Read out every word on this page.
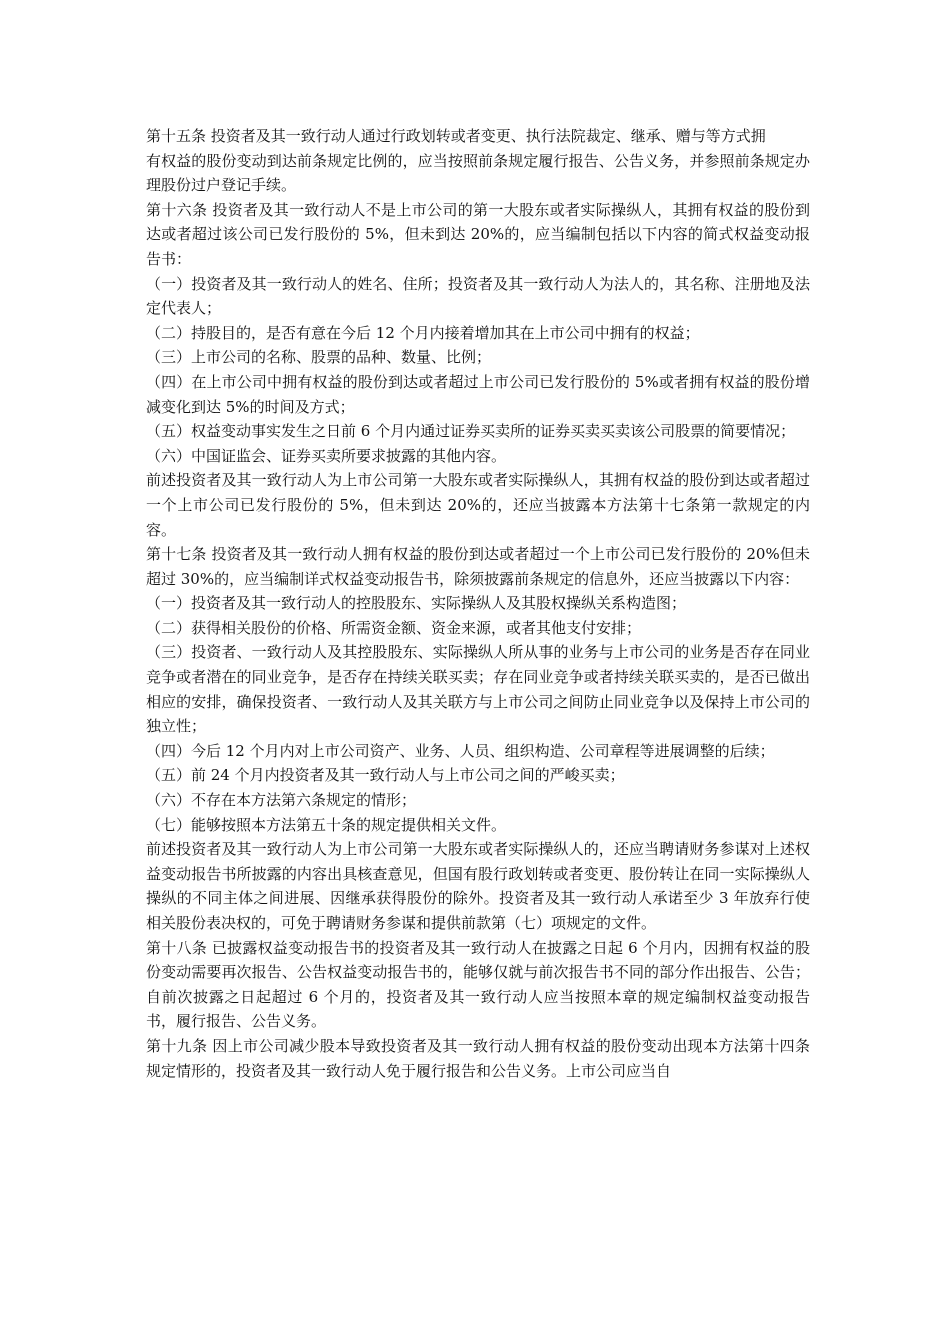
第十五条 投资者及其一致行动人通过行政划转或者变更、执行法院裁定、继承、赠与等方式拥

有权益的股份变动到达前条规定比例的，应当按照前条规定履行报告、公告义务，并参照前条规定办理股份过户登记手续。

第十六条 投资者及其一致行动人不是上市公司的第一大股东或者实际操纵人，其拥有权益的股份到达或者超过该公司已发行股份的 5%，但未到达 20%的，应当编制包括以下内容的简式权益变动报告书：

（一）投资者及其一致行动人的姓名、住所；投资者及其一致行动人为法人的，其名称、注册地及法定代表人；

（二）持股目的，是否有意在今后 12 个月内接着增加其在上市公司中拥有的权益；

（三）上市公司的名称、股票的品种、数量、比例；

（四）在上市公司中拥有权益的股份到达或者超过上市公司已发行股份的 5%或者拥有权益的股份增减变化到达 5%的时间及方式；

（五）权益变动事实发生之日前 6 个月内通过证券买卖所的证券买卖买卖该公司股票的简要情况；

（六）中国证监会、证券买卖所要求披露的其他内容。

前述投资者及其一致行动人为上市公司第一大股东或者实际操纵人，其拥有权益的股份到达或者超过一个上市公司已发行股份的 5%，但未到达 20%的，还应当披露本方法第十七条第一款规定的内容。

第十七条 投资者及其一致行动人拥有权益的股份到达或者超过一个上市公司已发行股份的 20%但未超过 30%的，应当编制详式权益变动报告书，除须披露前条规定的信息外，还应当披露以下内容：

（一）投资者及其一致行动人的控股股东、实际操纵人及其股权操纵关系构造图；

（二）获得相关股份的价格、所需资金额、资金来源，或者其他支付安排；

（三）投资者、一致行动人及其控股股东、实际操纵人所从事的业务与上市公司的业务是否存在同业竞争或者潜在的同业竞争，是否存在持续关联买卖；存在同业竞争或者持续关联买卖的，是否已做出相应的安排，确保投资者、一致行动人及其关联方与上市公司之间防止同业竞争以及保持上市公司的独立性；

（四）今后 12 个月内对上市公司资产、业务、人员、组织构造、公司章程等进展调整的后续；

（五）前 24 个月内投资者及其一致行动人与上市公司之间的严峻买卖；

（六）不存在本方法第六条规定的情形；

（七）能够按照本方法第五十条的规定提供相关文件。

前述投资者及其一致行动人为上市公司第一大股东或者实际操纵人的，还应当聘请财务参谋对上述权益变动报告书所披露的内容出具核查意见，但国有股行政划转或者变更、股份转让在同一实际操纵人操纵的不同主体之间进展、因继承获得股份的除外。投资者及其一致行动人承诺至少 3 年放弃行使相关股份表决权的，可免于聘请财务参谋和提供前款第（七）项规定的文件。

第十八条 已披露权益变动报告书的投资者及其一致行动人在披露之日起 6 个月内，因拥有权益的股份变动需要再次报告、公告权益变动报告书的，能够仅就与前次报告书不同的部分作出报告、公告；自前次披露之日起超过 6 个月的，投资者及其一致行动人应当按照本章的规定编制权益变动报告书，履行报告、公告义务。

第十九条 因上市公司减少股本导致投资者及其一致行动人拥有权益的股份变动出现本方法第十四条规定情形的，投资者及其一致行动人免于履行报告和公告义务。上市公司应当自
